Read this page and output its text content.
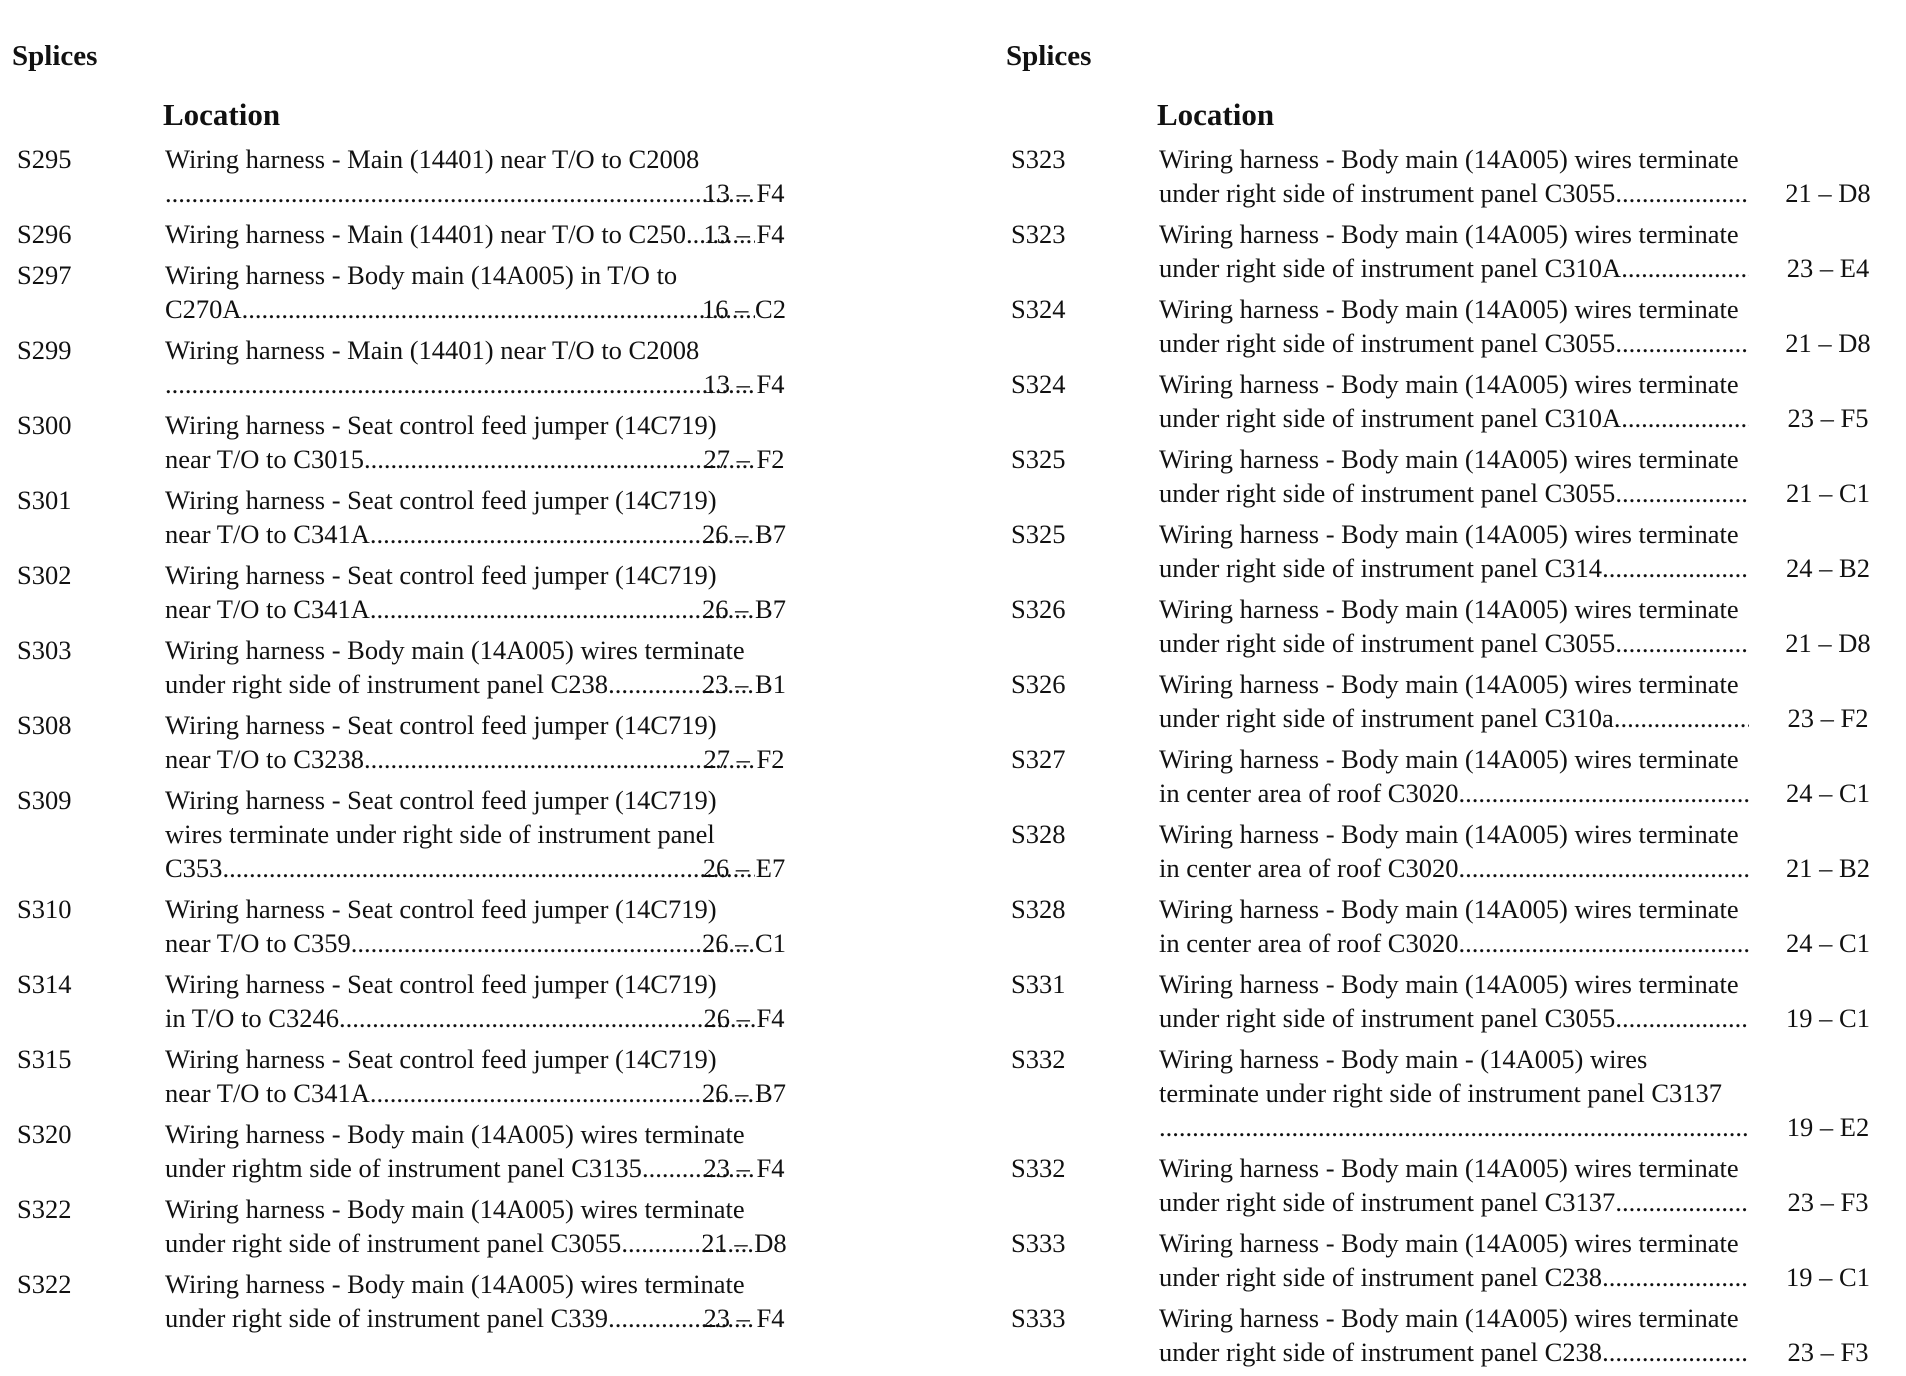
Splices
Location
S295	Wiring harness - Main (14401) near T/O to C2008
.....
13 – F4
S296	Wiring harness - Main (14401) near T/O to C250 ..... 13 – F4
S297	Wiring harness - Body main (14A005) in T/O to
C270A .....	16 – C2
S299	Wiring harness - Main (14401) near T/O to C2008
.....
13 – F4
S300	Wiring harness - Seat control feed jumper (14C719)
near T/O to C3015 .....	27 – F2
S301	Wiring harness - Seat control feed jumper (14C719)
near T/O to C341A .....	26 – B7
S302	Wiring harness - Seat control feed jumper (14C719)
near T/O to C341A .....	26 – B7
S303	Wiring harness - Body main (14A005) wires terminate
under right side of instrument panel C238 .....	23 – B1
S308	Wiring harness - Seat control feed jumper (14C719)
near T/O to C3238 .....	27 – F2
S309	Wiring harness - Seat control feed jumper (14C719)
wires terminate under right side of instrument panel
C353 .....	26 – E7
S310	Wiring harness - Seat control feed jumper (14C719)
near T/O to C359 .....	26 – C1
S314	Wiring harness - Seat control feed jumper (14C719)
in T/O to C3246 .....	26 – F4
S315	Wiring harness - Seat control feed jumper (14C719)
near T/O to C341A .....	26 – B7
S320	Wiring harness - Body main (14A005) wires terminate
under rightm side of instrument panel C3135 .....	23 – F4
S322	Wiring harness - Body main (14A005) wires terminate
under right side of instrument panel C3055 .....	21 – D8
S322	Wiring harness - Body main (14A005) wires terminate
under right side of instrument panel C339 .....	23 – F4
Splices
Location
S323	Wiring harness - Body main (14A005) wires terminate
under right side of instrument panel C3055 .....	21 – D8
S323	Wiring harness - Body main (14A005) wires terminate
under right side of instrument panel C310A .....	23 – E4
S324	Wiring harness - Body main (14A005) wires terminate
under right side of instrument panel C3055 .....	21 – D8
S324	Wiring harness - Body main (14A005) wires terminate
under right side of instrument panel C310A .....	23 – F5
S325	Wiring harness - Body main (14A005) wires terminate
under right side of instrument panel C3055 .....	21 – C1
S325	Wiring harness - Body main (14A005) wires terminate
under right side of instrument panel C314 .....	24 – B2
S326	Wiring harness - Body main (14A005) wires terminate
under right side of instrument panel C3055 .....	21 – D8
S326	Wiring harness - Body main (14A005) wires terminate
under right side of instrument panel C310a .....	23 – F2
S327	Wiring harness - Body main (14A005) wires terminate
in center area of roof C3020 .....	24 – C1
S328	Wiring harness - Body main (14A005) wires terminate
in center area of roof C3020 .....	21 – B2
S328	Wiring harness - Body main (14A005) wires terminate
in center area of roof C3020 .....	24 – C1
S331	Wiring harness - Body main (14A005) wires terminate
under right side of instrument panel C3055 .....	19 – C1
S332	Wiring harness - Body main - (14A005) wires
terminate under right side of instrument panel C3137
.....
19 – E2
S332	Wiring harness - Body main (14A005) wires terminate
under right side of instrument panel C3137 .....	23 – F3
S333	Wiring harness - Body main (14A005) wires terminate
under right side of instrument panel C238 .....	19 – C1
S333	Wiring harness - Body main (14A005) wires terminate
under right side of instrument panel C238 .....	23 – F3
